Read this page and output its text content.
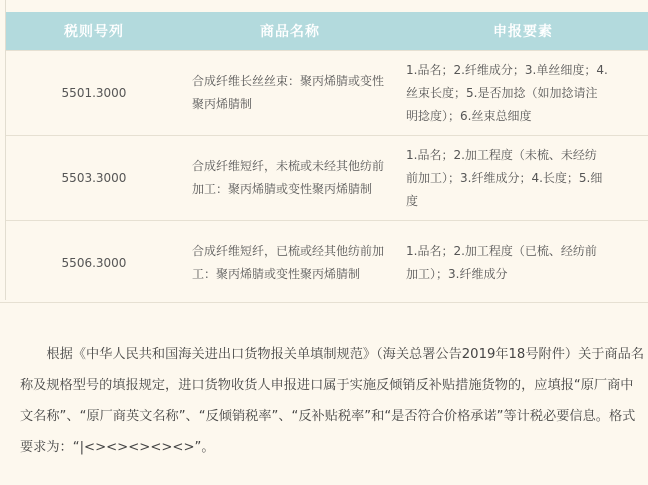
税则号列	商品名称	申报要素
5501.3000	合成纤维长丝丝束：聚丙烯腈或变性聚丙烯腈制	1.品名；2.纤维成分；3.单丝细度；4.
丝束长度；5.是否加捻（如加捻请注
明捻度）；6.丝束总细度

5503.3000	合成纤维短纤，未梳或未经其他纺前加工：聚丙烯腈或变性聚丙烯腈制	1.品名；2.加工程度（未梳、未经纺
前加工）；3.纤维成分；4.长度；5.细
度

5506.3000	合成纤维短纤，已梳或经其他纺前加工：聚丙烯腈或变性聚丙烯腈制	1.品名；2.加工程度（已梳、经纺前
加工）；3.纤维成分

根据《中华人民共和国海关进出口货物报关单填制规范》（海关总署公告2019年18号附件）关于商品名称及规格型号的填报规定，进口货物收货人申报进口属于实施反倾销反补贴措施货物的，应填报“原厂商中文名称”、“原厂商英文名称”、“反倾销税率”、“反补贴税率”和“是否符合价格承诺”等计税必要信息。格式要求为：“|<><><><><>”。
